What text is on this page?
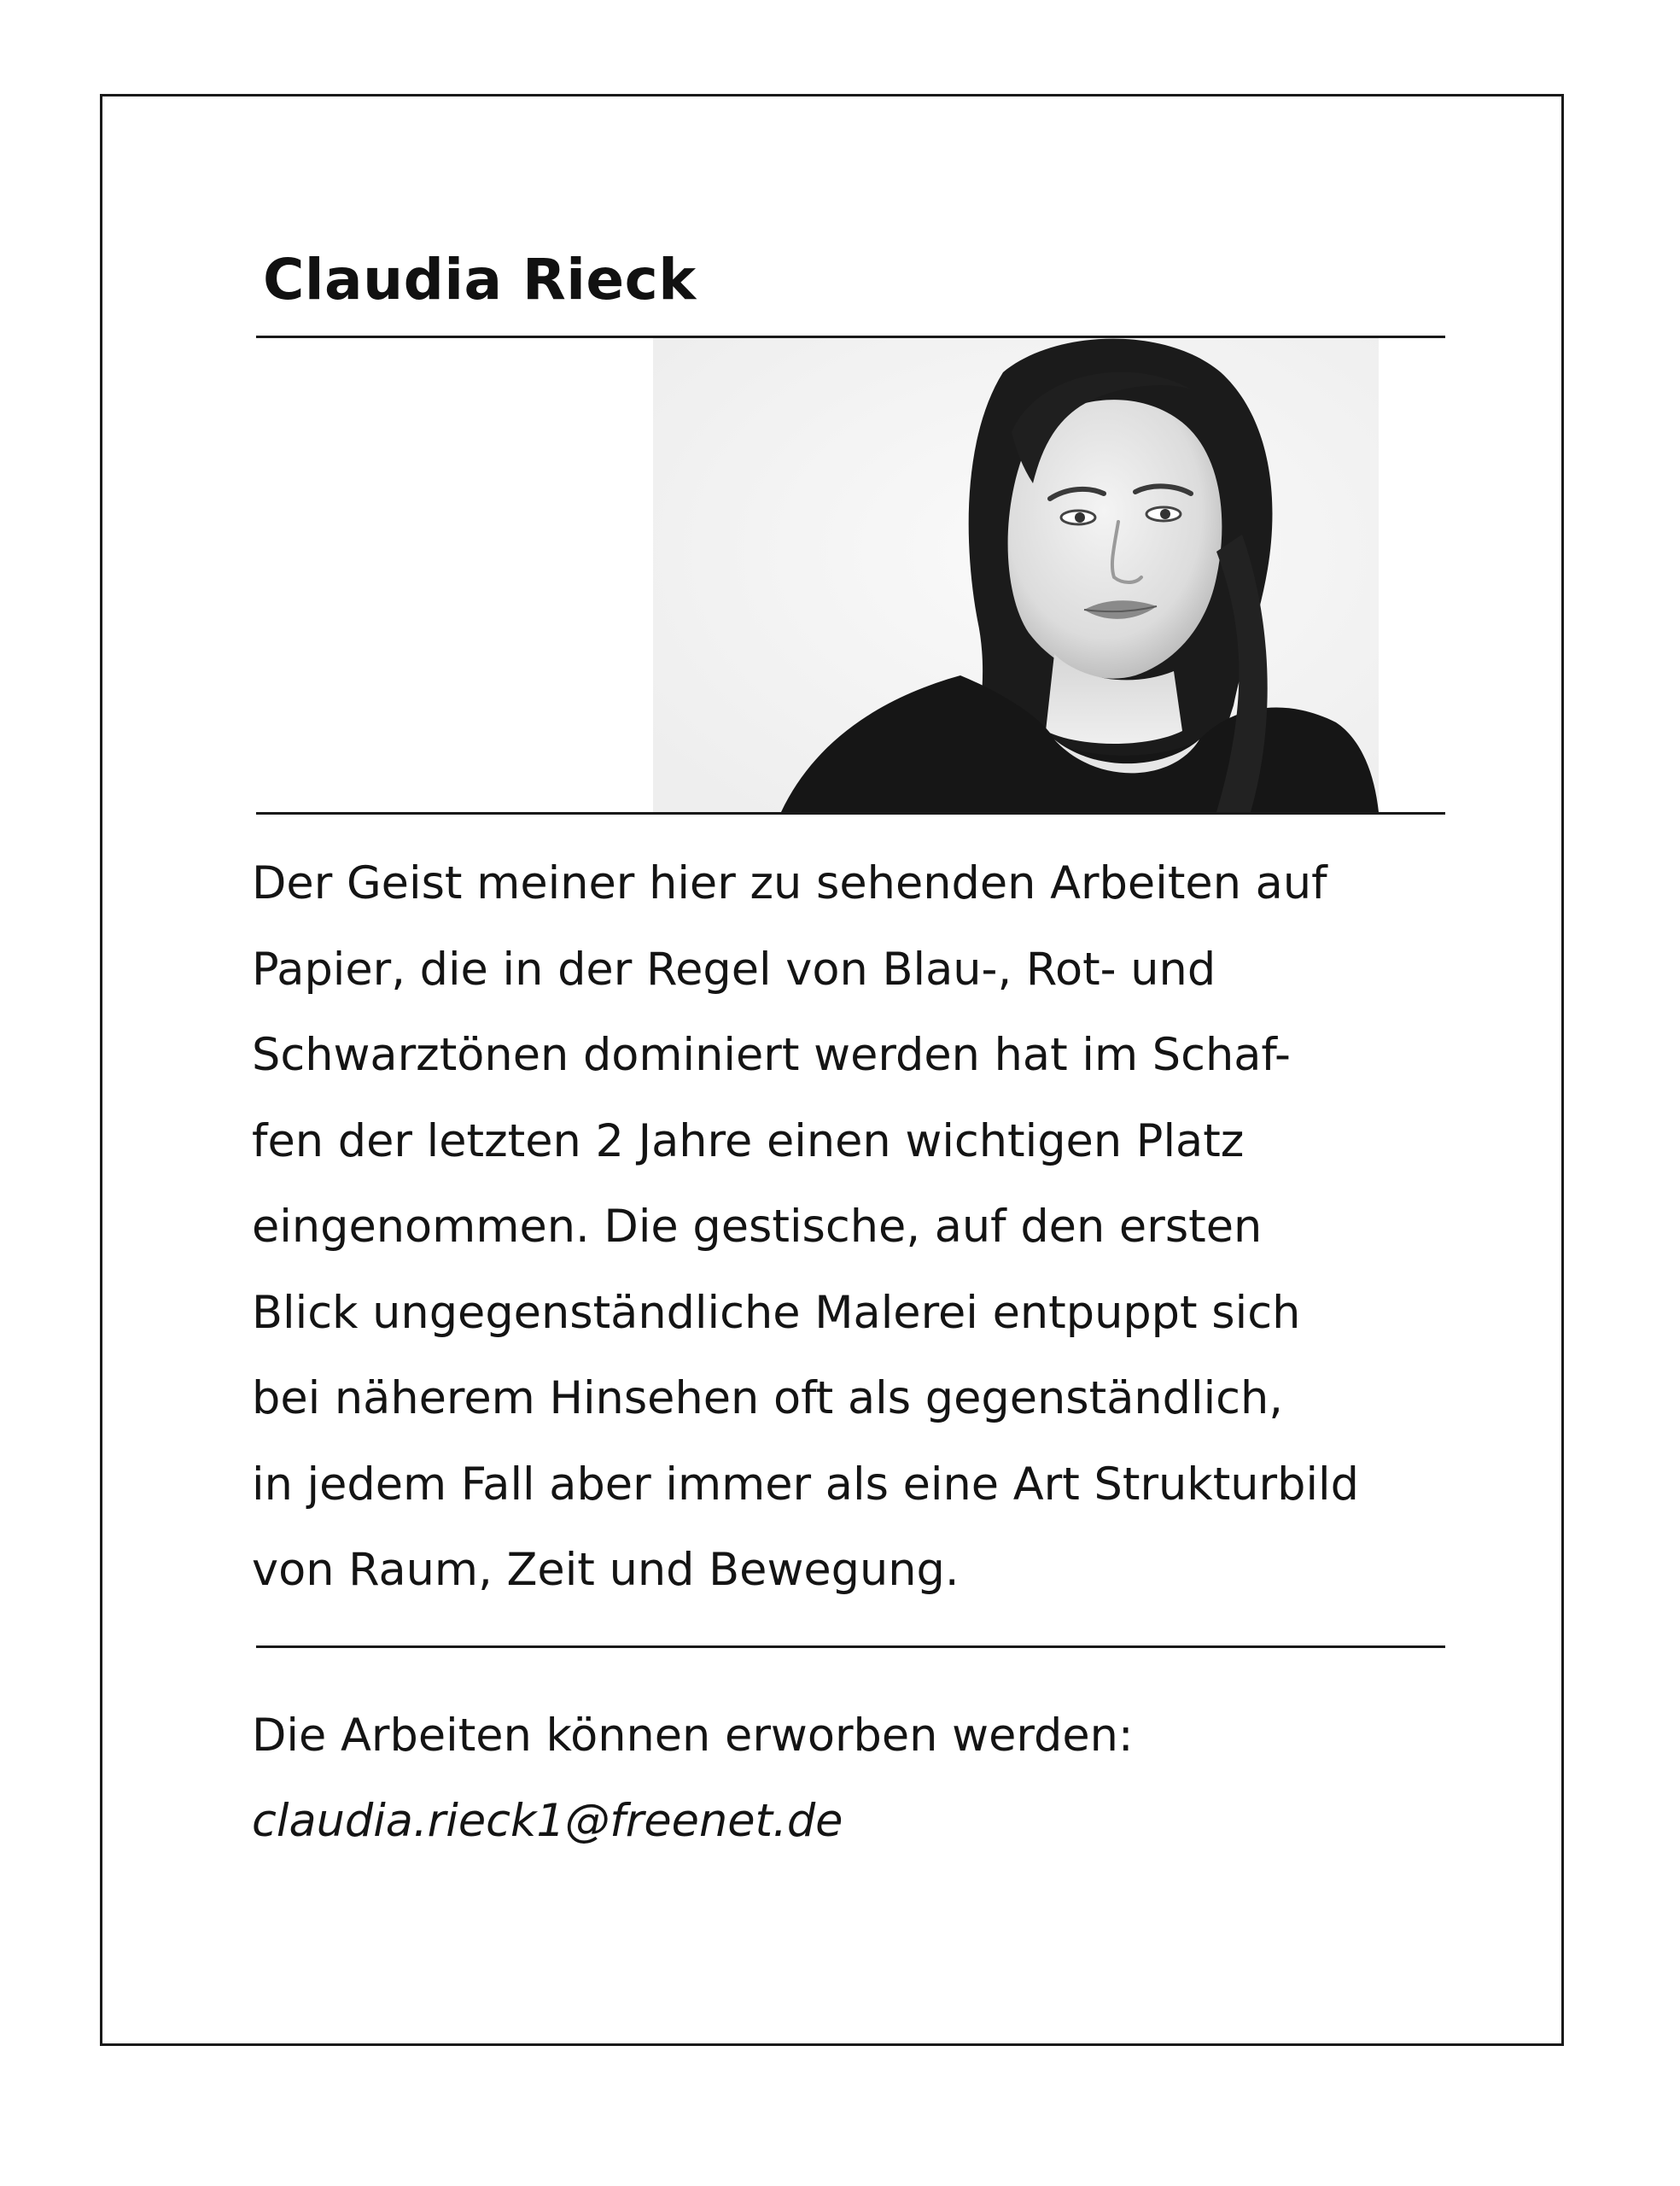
Claudia Rieck
Der Geist meiner hier zu sehenden Arbeiten auf
Papier, die in der Regel von Blau-, Rot- und
Schwarztönen dominiert werden hat im Schaf-
fen der letzten 2 Jahre einen wichtigen Platz
eingenommen. Die gestische, auf den ersten
Blick ungegenständliche Malerei entpuppt sich
bei näherem Hinsehen oft als gegenständlich,
in jedem Fall aber immer als eine Art Strukturbild
von Raum, Zeit und Bewegung.
Die Arbeiten können erworben werden:
claudia.rieck1@freenet.de
